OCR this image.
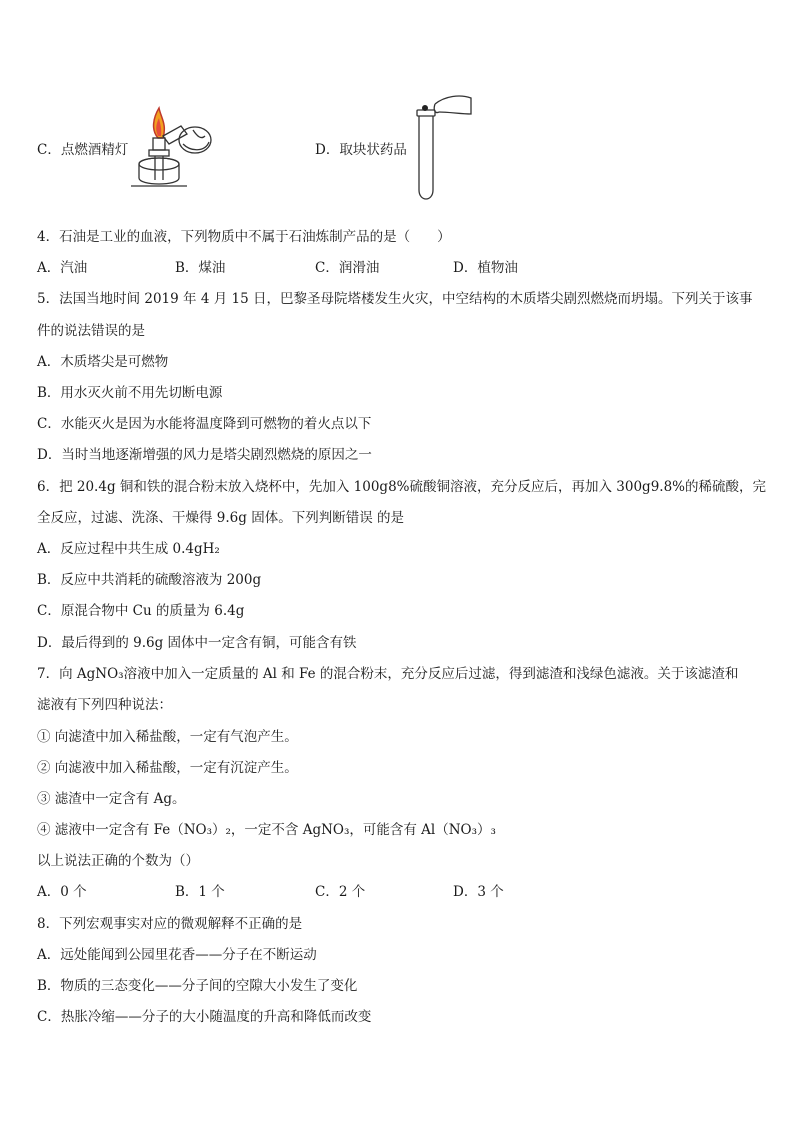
C．点燃酒精灯	D．取块状药品
4．石油是工业的血液，下列物质中不属于石油炼制产品的是（　　）
A．汽油	B．煤油	C．润滑油	D．植物油
5．法国当地时间 2019 年 4 月 15 日，巴黎圣母院塔楼发生火灾，中空结构的木质塔尖剧烈燃烧而坍塌。下列关于该事
件的说法错误的是
A．木质塔尖是可燃物
B．用水灭火前不用先切断电源
C．水能灭火是因为水能将温度降到可燃物的着火点以下
D．当时当地逐渐增强的风力是塔尖剧烈燃烧的原因之一
6．把 20.4g 铜和铁的混合粉末放入烧杯中，先加入 100g8%硫酸铜溶液，充分反应后，再加入 300g9.8%的稀硫酸，完
全反应，过滤、洗涤、干燥得 9.6g 固体。下列判断错误 的是
A．反应过程中共生成 0.4gH₂
B．反应中共消耗的硫酸溶液为 200g
C．原混合物中 Cu 的质量为 6.4g
D．最后得到的 9.6g 固体中一定含有铜，可能含有铁
7．向 AgNO₃溶液中加入一定质量的 Al 和 Fe 的混合粉末，充分反应后过滤，得到滤渣和浅绿色滤液。关于该滤渣和
滤液有下列四种说法：
① 向滤渣中加入稀盐酸，一定有气泡产生。
② 向滤液中加入稀盐酸，一定有沉淀产生。
③ 滤渣中一定含有 Ag。
④ 滤液中一定含有 Fe（NO₃）₂，一定不含 AgNO₃，可能含有 Al（NO₃）₃
以上说法正确的个数为（）
A．0 个	B．1 个	C．2 个	D．3 个
8．下列宏观事实对应的微观解释不正确的是
A．远处能闻到公园里花香——分子在不断运动
B．物质的三态变化——分子间的空隙大小发生了变化
C．热胀冷缩——分子的大小随温度的升高和降低而改变
